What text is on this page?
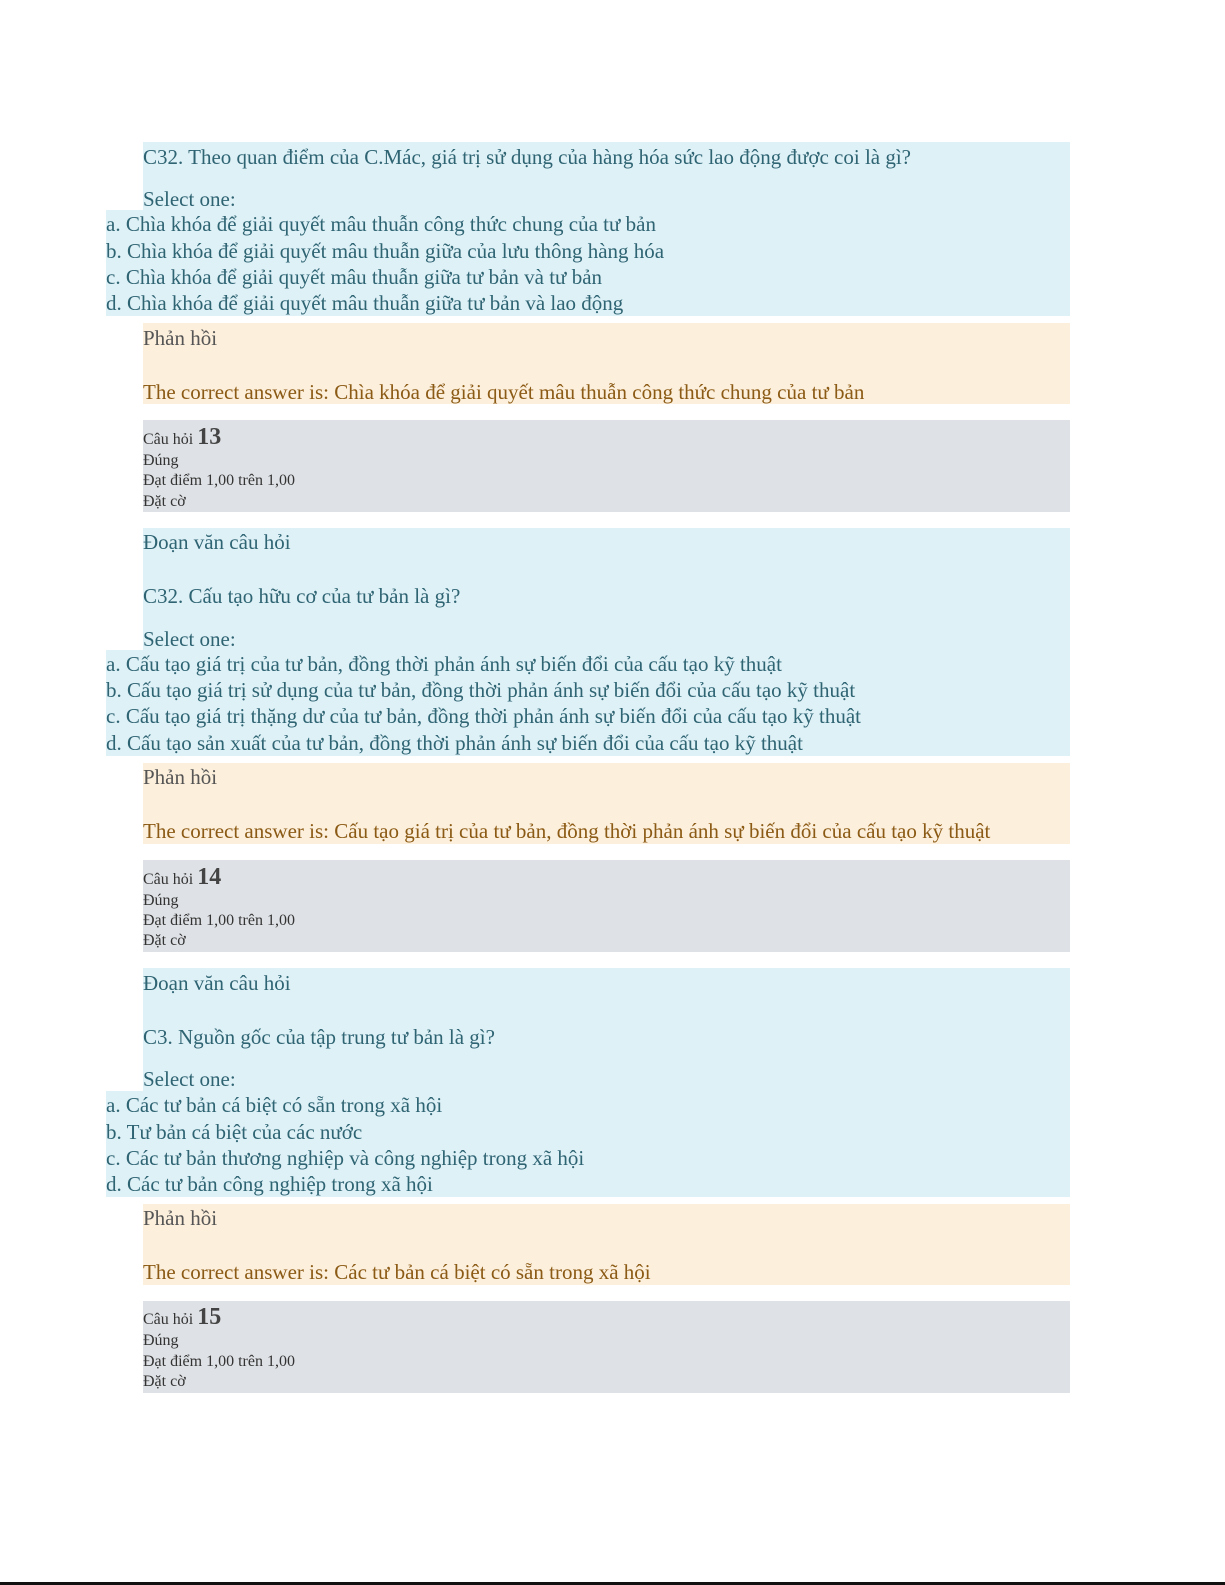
C32. Theo quan điểm của C.Mác, giá trị sử dụng của hàng hóa sức lao động được coi là gì?
Select one:
a. Chìa khóa để giải quyết mâu thuẫn công thức chung của tư bản
b. Chìa khóa để giải quyết mâu thuẫn giữa của lưu thông hàng hóa
c. Chìa khóa để giải quyết mâu thuẫn giữa tư bản và tư bản
d. Chìa khóa để giải quyết mâu thuẫn giữa tư bản và lao động
Phản hồi
The correct answer is: Chìa khóa để giải quyết mâu thuẫn công thức chung của tư bản
Câu hỏi 13
Đúng
Đạt điểm 1,00 trên 1,00
Đặt cờ
Đoạn văn câu hỏi
C32. Cấu tạo hữu cơ của tư bản là gì?
Select one:
a. Cấu tạo giá trị của tư bản, đồng thời phản ánh sự biến đổi của cấu tạo kỹ thuật
b. Cấu tạo giá trị sử dụng của tư bản, đồng thời phản ánh sự biến đổi của cấu tạo kỹ thuật
c. Cấu tạo giá trị thặng dư của tư bản, đồng thời phản ánh sự biến đổi của cấu tạo kỹ thuật
d. Cấu tạo sản xuất của tư bản, đồng thời phản ánh sự biến đổi của cấu tạo kỹ thuật
Phản hồi
The correct answer is: Cấu tạo giá trị của tư bản, đồng thời phản ánh sự biến đổi của cấu tạo kỹ thuật
Câu hỏi 14
Đúng
Đạt điểm 1,00 trên 1,00
Đặt cờ
Đoạn văn câu hỏi
C3. Nguồn gốc của tập trung tư bản là gì?
Select one:
a. Các tư bản cá biệt có sẵn trong xã hội
b. Tư bản cá biệt của các nước
c. Các tư bản thương nghiệp và công nghiệp trong xã hội
d. Các tư bản công nghiệp trong xã hội
Phản hồi
The correct answer is: Các tư bản cá biệt có sẵn trong xã hội
Câu hỏi 15
Đúng
Đạt điểm 1,00 trên 1,00
Đặt cờ
